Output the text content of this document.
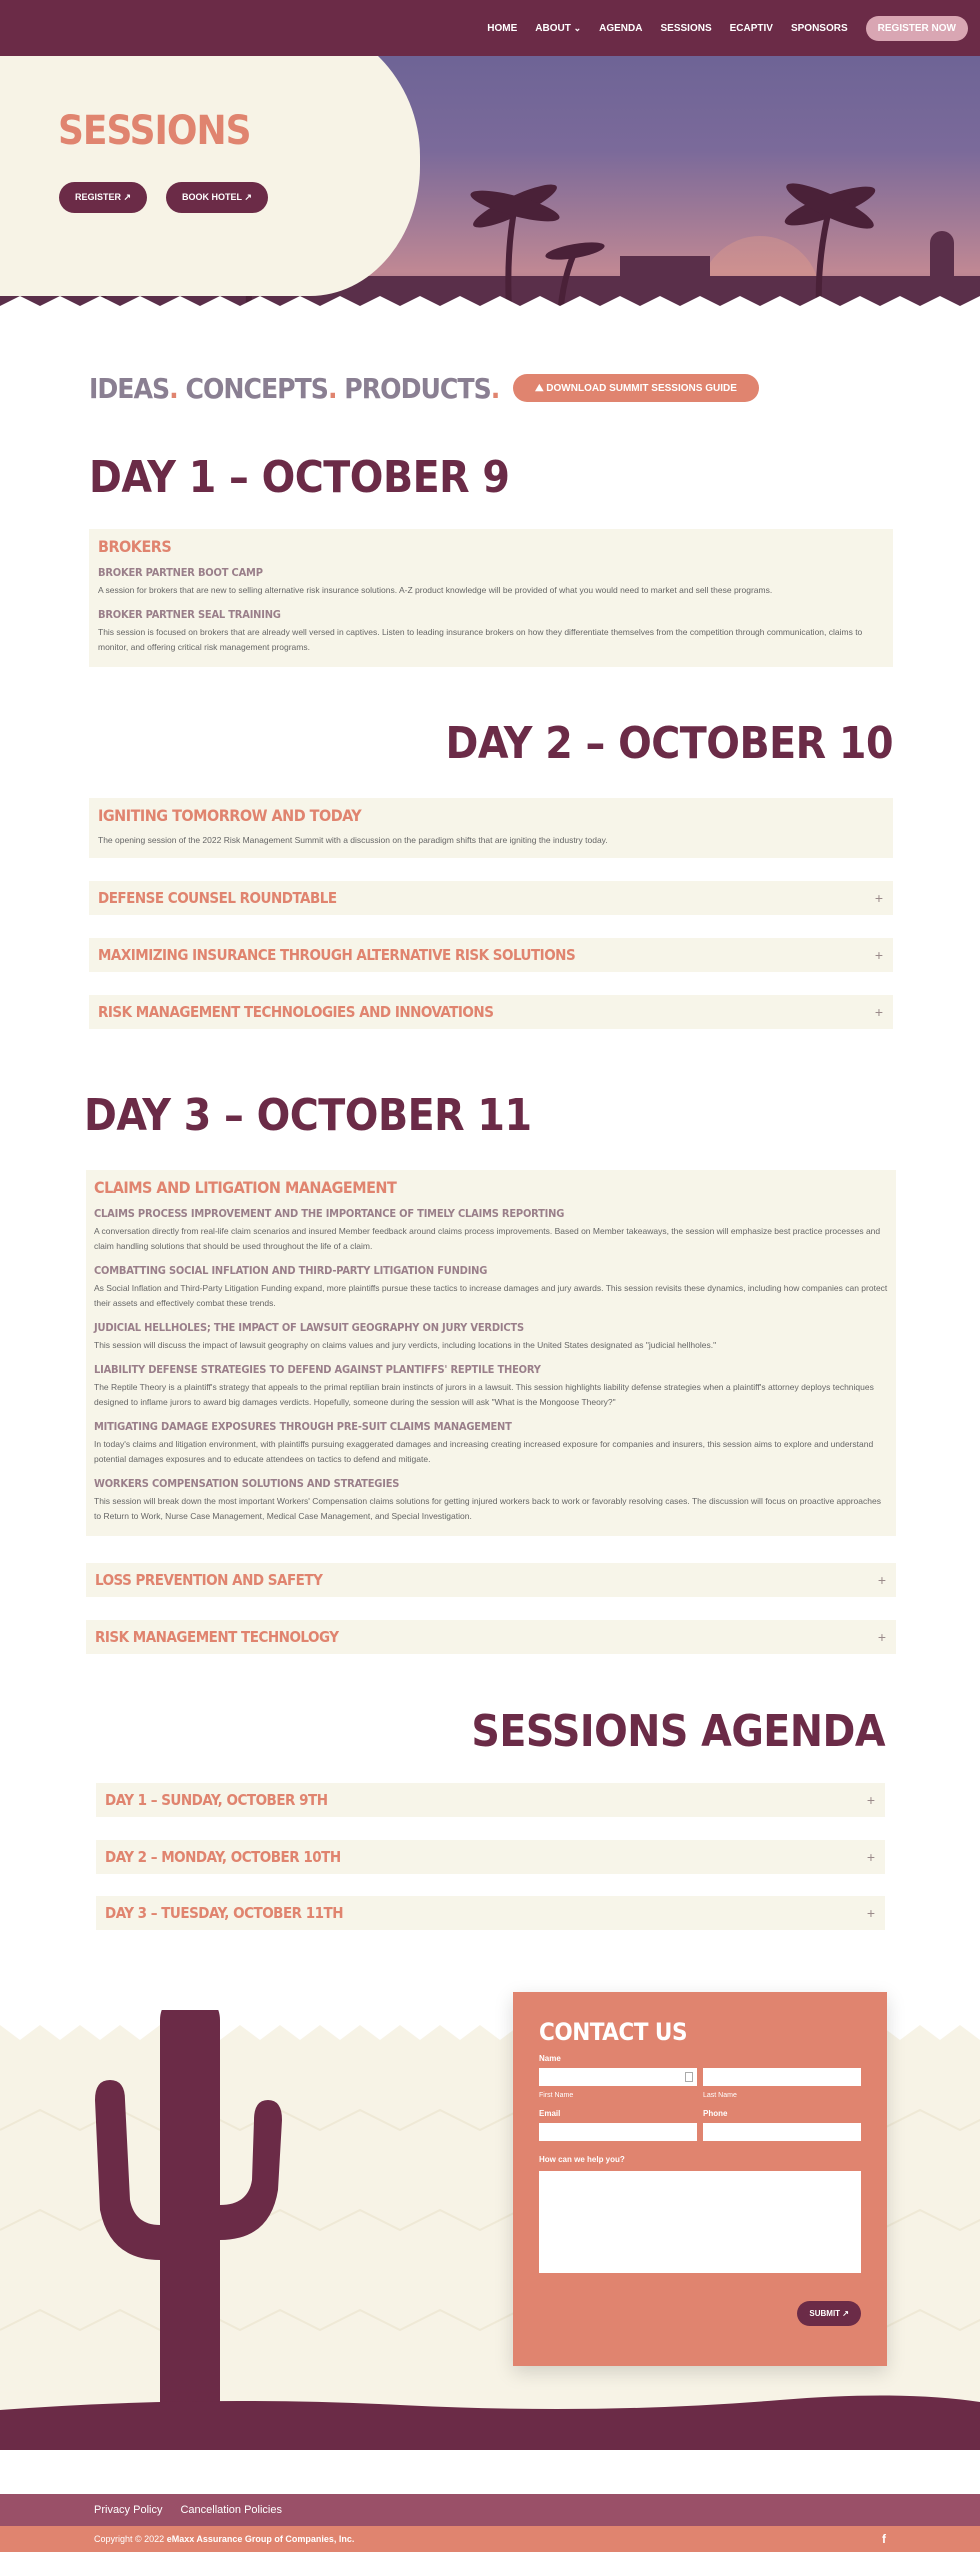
HOME ABOUT ⌄ AGENDA SESSIONS ECAPTIV SPONSORS	REGISTER NOW
SESSIONS
REGISTER ↗	BOOK HOTEL ↗
IDEAS. CONCEPTS. PRODUCTS.	⛰ DOWNLOAD SUMMIT SESSIONS GUIDE
DAY 1 – OCTOBER 9
BROKERS
BROKER PARTNER BOOT CAMP
A session for brokers that are new to selling alternative risk insurance solutions. A-Z product knowledge will be provided of what you would need to market and sell these programs.
BROKER PARTNER SEAL TRAINING
This session is focused on brokers that are already well versed in captives. Listen to leading insurance brokers on how they differentiate themselves from the competition through communication, claims to monitor, and offering critical risk management programs.
DAY 2 – OCTOBER 10
IGNITING TOMORROW AND TODAY
The opening session of the 2022 Risk Management Summit with a discussion on the paradigm shifts that are igniting the industry today.
DEFENSE COUNSEL ROUNDTABLE	+
MAXIMIZING INSURANCE THROUGH ALTERNATIVE RISK SOLUTIONS	+
RISK MANAGEMENT TECHNOLOGIES AND INNOVATIONS	+
DAY 3 – OCTOBER 11
CLAIMS AND LITIGATION MANAGEMENT
CLAIMS PROCESS IMPROVEMENT AND THE IMPORTANCE OF TIMELY CLAIMS REPORTING
A conversation directly from real-life claim scenarios and insured Member feedback around claims process improvements. Based on Member takeaways, the session will emphasize best practice processes and claim handling solutions that should be used throughout the life of a claim.
COMBATTING SOCIAL INFLATION AND THIRD-PARTY LITIGATION FUNDING
As Social Inflation and Third-Party Litigation Funding expand, more plaintiffs pursue these tactics to increase damages and jury awards. This session revisits these dynamics, including how companies can protect their assets and effectively combat these trends.
JUDICIAL HELLHOLES; THE IMPACT OF LAWSUIT GEOGRAPHY ON JURY VERDICTS
This session will discuss the impact of lawsuit geography on claims values and jury verdicts, including locations in the United States designated as "judicial hellholes."
LIABILITY DEFENSE STRATEGIES TO DEFEND AGAINST PLANTIFFS' REPTILE THEORY
The Reptile Theory is a plaintiff's strategy that appeals to the primal reptilian brain instincts of jurors in a lawsuit. This session highlights liability defense strategies when a plaintiff's attorney deploys techniques designed to inflame jurors to award big damages verdicts. Hopefully, someone during the session will ask "What is the Mongoose Theory?"
MITIGATING DAMAGE EXPOSURES THROUGH PRE-SUIT CLAIMS MANAGEMENT
In today's claims and litigation environment, with plaintiffs pursuing exaggerated damages and increasing creating increased exposure for companies and insurers, this session aims to explore and understand potential damages exposures and to educate attendees on tactics to defend and mitigate.
WORKERS COMPENSATION SOLUTIONS AND STRATEGIES
This session will break down the most important Workers' Compensation claims solutions for getting injured workers back to work or favorably resolving cases. The discussion will focus on proactive approaches to Return to Work, Nurse Case Management, Medical Case Management, and Special Investigation.
LOSS PREVENTION AND SAFETY	+
RISK MANAGEMENT TECHNOLOGY	+
SESSIONS AGENDA
DAY 1 – SUNDAY, OCTOBER 9TH	+
DAY 2 – MONDAY, OCTOBER 10TH	+
DAY 3 – TUESDAY, OCTOBER 11TH	+
CONTACT US
Name
First Name	Last Name
Email	Phone
How can we help you?
SUBMIT ↗
Privacy Policy Cancellation Policies
Copyright © 2022 eMaxx Assurance Group of Companies, Inc.	f
